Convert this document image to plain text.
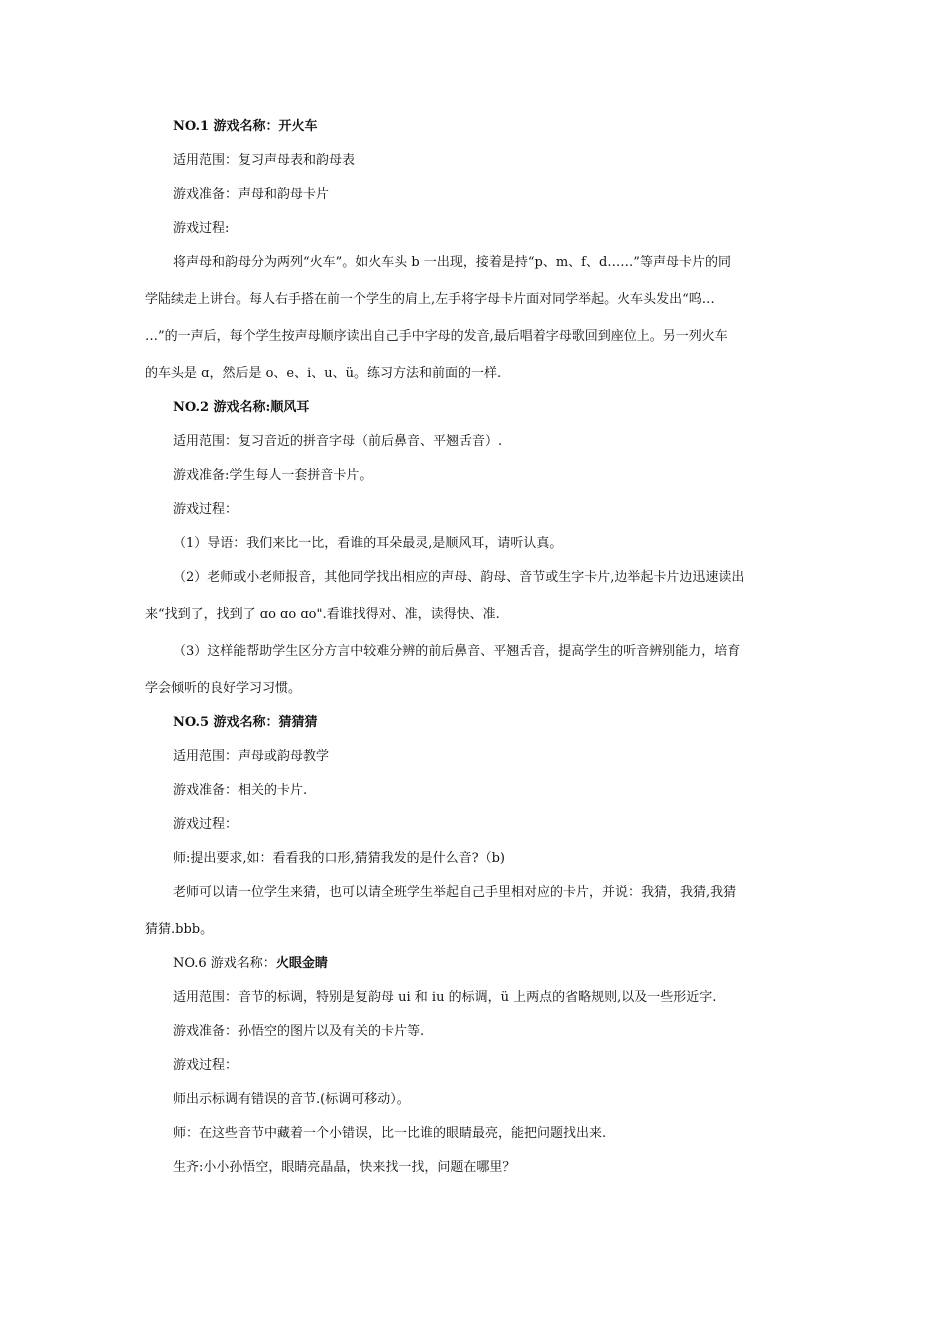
NO.1 游戏名称：开火车

适用范围：复习声母表和韵母表

游戏准备：声母和韵母卡片

游戏过程:

将声母和韵母分为两列“火车”。如火车头 b 一出现，接着是持“p、m、f、d……”等声母卡片的同

学陆续走上讲台。每人右手搭在前一个学生的肩上,左手将字母卡片面对同学举起。火车头发出“呜…

…”的一声后，每个学生按声母顺序读出自己手中字母的发音,最后唱着字母歌回到座位上。另一列火车

的车头是 ɑ，然后是 o、e、i、u、ü。练习方法和前面的一样.

NO.2 游戏名称:顺风耳

适用范围：复习音近的拼音字母（前后鼻音、平翘舌音）.

游戏准备:学生每人一套拼音卡片。

游戏过程：

（1）导语：我们来比一比，看谁的耳朵最灵,是顺风耳，请听认真。

（2）老师或小老师报音，其他同学找出相应的声母、韵母、音节或生字卡片,边举起卡片边迅速读出

来“找到了，找到了 ɑo ɑo ɑo".看谁找得对、准，读得快、准.

（3）这样能帮助学生区分方言中较难分辨的前后鼻音、平翘舌音，提高学生的听音辨别能力，培育

学会倾听的良好学习习惯。

NO.5 游戏名称：猜猜猜

适用范围：声母或韵母教学

游戏准备：相关的卡片.

游戏过程：

师:提出要求,如：看看我的口形,猜猜我发的是什么音?（b)

老师可以请一位学生来猜，也可以请全班学生举起自己手里相对应的卡片，并说：我猜，我猜,我猜

猜猜.bbb。

NO.6 游戏名称：火眼金睛

适用范围：音节的标调，特别是复韵母 ui 和 iu 的标调，ü 上两点的省略规则,以及一些形近字.

游戏准备：孙悟空的图片以及有关的卡片等.

游戏过程：

师出示标调有错误的音节.(标调可移动）。

师：在这些音节中藏着一个小错误，比一比谁的眼睛最亮，能把问题找出来.

生齐:小小孙悟空，眼睛亮晶晶，快来找一找，问题在哪里？
